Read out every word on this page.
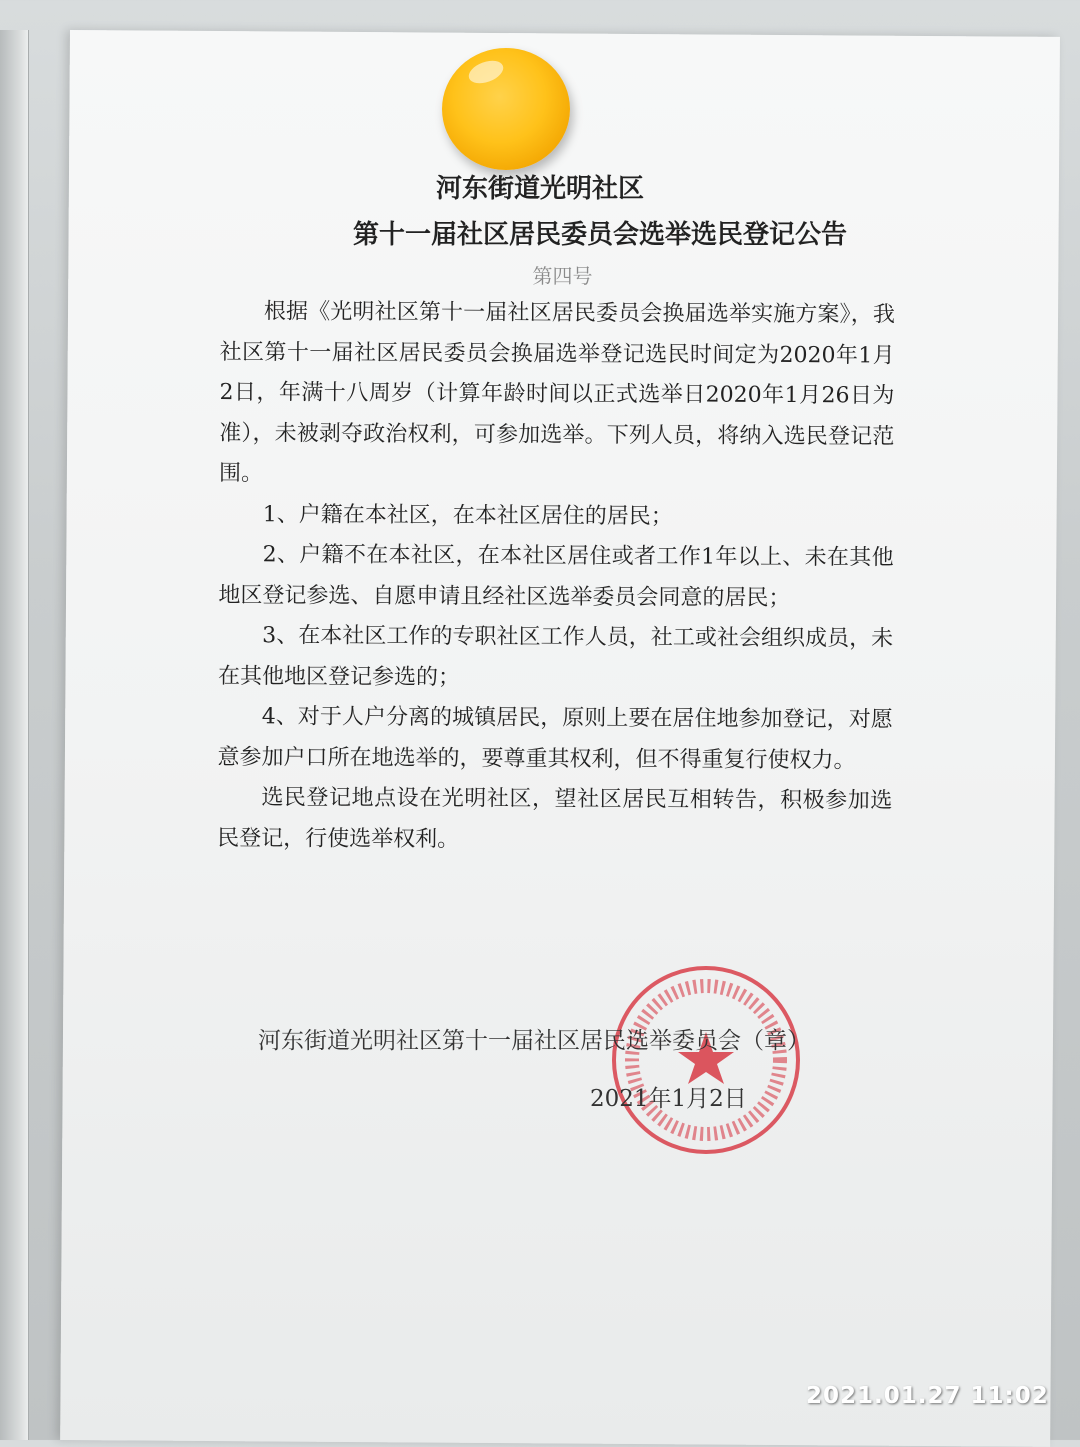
河东街道光明社区
第十一届社区居民委员会选举选民登记公告
第四号

根据《光明社区第十一届社区居民委员会换届选举实施方案》，我社区第十一届社区居民委员会换届选举登记选民时间定为2020年1月2日，年满十八周岁（计算年龄时间以正式选举日2020年1月26日为准），未被剥夺政治权利，可参加选举。下列人员，将纳入选民登记范围。

1、户籍在本社区，在本社区居住的居民；

2、户籍不在本社区，在本社区居住或者工作1年以上、未在其他地区登记参选、自愿申请且经社区选举委员会同意的居民；

3、在本社区工作的专职社区工作人员，社工或社会组织成员，未在其他地区登记参选的；

4、对于人户分离的城镇居民，原则上要在居住地参加登记，对愿意参加户口所在地选举的，要尊重其权利，但不得重复行使权力。

选民登记地点设在光明社区，望社区居民互相转告，积极参加选民登记，行使选举权利。

河东街道光明社区第十一届社区居民选举委员会（章）
2021年1月2日
2021.01.27 11:02
